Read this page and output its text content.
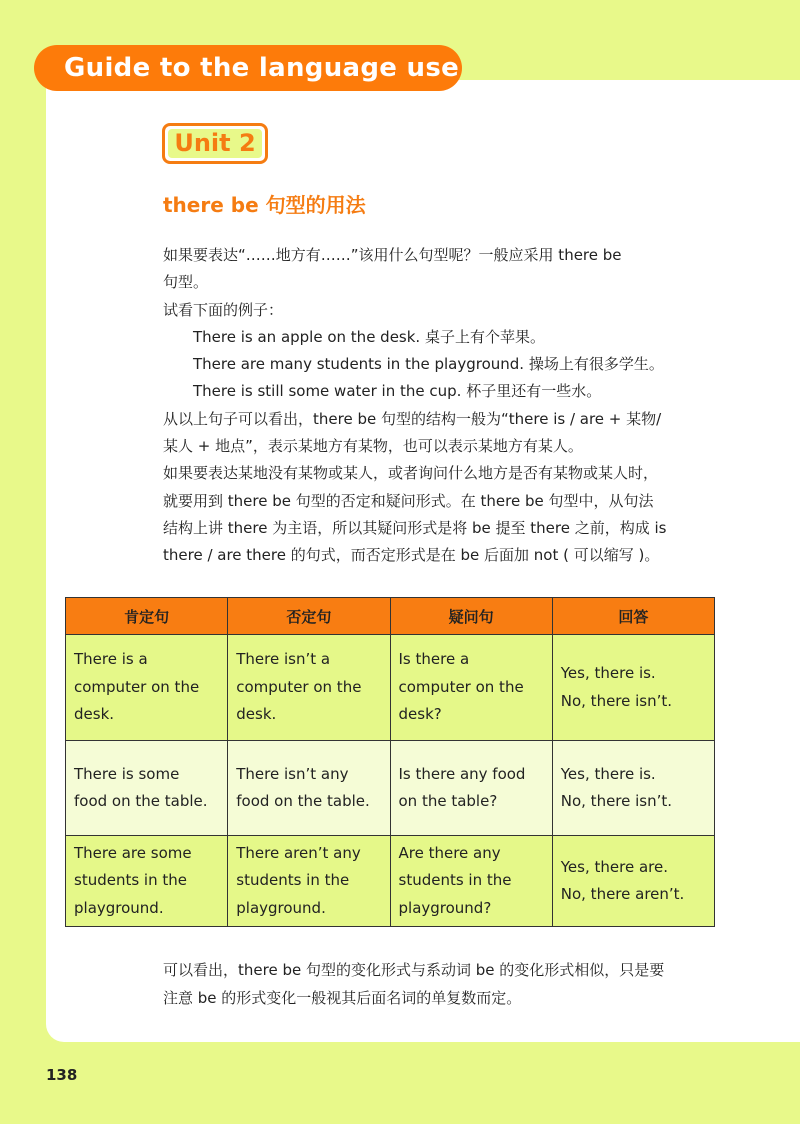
Guide to the language use
Unit 2
there be 句型的用法

如果要表达“……地方有……”该用什么句型呢？一般应采用 there be

句型。

试看下面的例子：

There is an apple on the desk. 桌子上有个苹果。

There are many students in the playground. 操场上有很多学生。

There is still some water in the cup. 杯子里还有一些水。

从以上句子可以看出，there be 句型的结构一般为“there is / are + 某物/

某人 + 地点”，表示某地方有某物，也可以表示某地方有某人。

如果要表达某地没有某物或某人，或者询问什么地方是否有某物或某人时，

就要用到 there be 句型的否定和疑问形式。在 there be 句型中，从句法

结构上讲 there 为主语，所以其疑问形式是将 be 提至 there 之前，构成 is

there / are there 的句式，而否定形式是在 be 后面加 not ( 可以缩写 )。

肯定句	否定句	疑问句	回答

There is a
computer on the
desk.	There isn’t a
computer on the
desk.	Is there a
computer on the
desk?	Yes, there is.
No, there isn’t.

There is some
food on the table.	There isn’t any
food on the table.	Is there any food
on the table?	Yes, there is.
No, there isn’t.

There are some
students in the
playground.	There aren’t any
students in the
playground.	Are there any
students in the
playground?	Yes, there are.
No, there aren’t.

可以看出，there be 句型的变化形式与系动词 be 的变化形式相似，只是要

注意 be 的形式变化一般视其后面名词的单复数而定。

138
